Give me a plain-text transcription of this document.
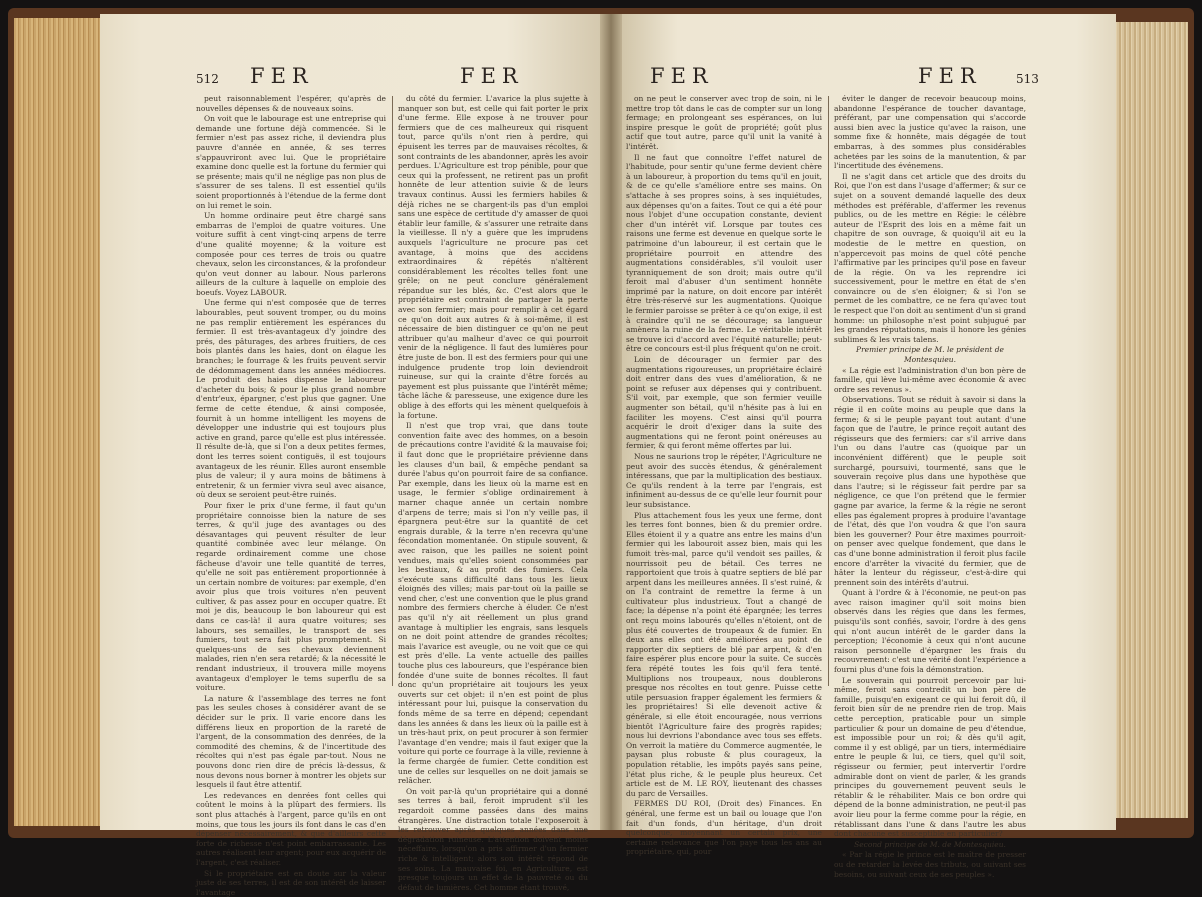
512 FER	FER

peut raisonnablement l'espérer, qu'après de nouvelles dépenses & de nouveaux soins.

On voit que le labourage est une entreprise qui demande une fortune déjà commencée. Si le fermier n'est pas assez riche, il deviendra plus pauvre d'année en année, & ses terres s'appauvriront avec lui. Que le propriétaire examine donc quelle est la fortune du fermier qui se présente; mais qu'il ne néglige pas non plus de s'assurer de ses talens. Il est essentiel qu'ils soient proportionnés à l'étendue de la ferme dont on lui remet le soin.

Un homme ordinaire peut être chargé sans embarras de l'emploi de quatre voitures. Une voiture suffit à cent vingt-cinq arpens de terre d'une qualité moyenne; & la voiture est composée pour ces terres de trois ou quatre chevaux, selon les circonstances, & la profondeur qu'on veut donner au labour. Nous parlerons ailleurs de la culture à laquelle on emploie des boeufs. Voyez LABOUR.

Une ferme qui n'est composée que de terres labourables, peut souvent tromper, ou du moins ne pas remplir entièrement les espérances du fermier. Il est très-avantageux d'y joindre des prés, des pâturages, des arbres fruitiers, de ces bois plantés dans les haies, dont on élague les branches; le fourrage & les fruits peuvent servir de dédommagement dans les années médiocres. Le produit des haies dispense le laboureur d'acheter du bois; & pour le plus grand nombre d'entr'eux, épargner, c'est plus que gagner. Une ferme de cette étendue, & ainsi composée, fournit à un homme intelligent les moyens de développer une industrie qui est toujours plus active en grand, parce qu'elle est plus intéressée. Il résulte de-là, que si l'on a deux petites fermes, dont les terres soient contiguës, il est toujours avantageux de les réunir. Elles auront ensemble plus de valeur; il y aura moins de bâtimens à entretenir, & un fermier vivra seul avec aisance, où deux se seroient peut-être ruinés.

Pour fixer le prix d'une ferme, il faut qu'un propriétaire connoisse bien la nature de ses terres, & qu'il juge des avantages ou des désavantages qui peuvent résulter de leur quantité combinée avec leur mélange. On regarde ordinairement comme une chose fâcheuse d'avoir une telle quantité de terres, qu'elle ne soit pas entièrement proportionnée à un certain nombre de voitures: par exemple, d'en avoir plus que trois voitures n'en peuvent cultiver, & pas assez pour en occuper quatre. Et moi je dis, beaucoup le bon laboureur qui est dans ce cas-là! il aura quatre voitures; ses labours, ses semailles, le transport de ses fumiers, tout sera fait plus promptement. Si quelques-uns de ses chevaux deviennent malades, rien n'en sera retardé; & la nécessité le rendant industrieux, il trouvera mille moyens avantageux d'employer le tems superflu de sa voiture.

La nature & l'assemblage des terres ne font pas les seules choses à considérer avant de se décider sur le prix. Il varie encore dans les différens lieux en proportion de la rareté de l'argent, de la consommation des denrées, de la commodité des chemins, & de l'incertitude des récoltes qui n'est pas égale par-tout. Nous ne pouvons donc rien dire de précis là-dessus, & nous devons nous borner à montrer les objets sur lesquels il faut être attentif.

Les redevances en denrées font celles qui coûtent le moins à la plûpart des fermiers. Ils sont plus attachés à l'argent, parce qu'ils en ont moins, que tous les jours ils font dans le cas d'en dépenser nécessairement, & que d'ailleurs cette forte de richesse n'est point embarrassante. Les autres réalisent leur argent; pour eux acquérir de l'argent, c'est réaliser.

Si le propriétaire est en doute sur la valeur juste de ses terres, il est de son intérêt de laisser l'avantage

du côté du fermier. L'avarice la plus sujette à manquer son but, est celle qui fait porter le prix d'une ferme. Elle expose à ne trouver pour fermiers que de ces malheureux qui risquent tout, parce qu'ils n'ont rien à perdre, qui épuisent les terres par de mauvaises récoltes, & sont contraints de les abandonner, après les avoir perdues. L'Agriculture est trop pénible, pour que ceux qui la professent, ne retirent pas un profit honnête de leur attention suivie & de leurs travaux continus. Aussi les fermiers habiles & déjà riches ne se chargent-ils pas d'un emploi sans une espèce de certitude d'y amasser de quoi établir leur famille, & s'assurer une retraite dans la vieillesse. Il n'y a guère que les imprudens auxquels l'agriculture ne procure pas cet avantage, à moins que des accidens extraordinaires & répétés n'altèrent considérablement les récoltes telles font une grêle; on ne peut conclure généralement répandue sur les blés, &c. C'est alors que le propriétaire est contraint de partager la perte avec son fermier; mais pour remplir à cet égard ce qu'on doit aux autres & à soi-même, il est nécessaire de bien distinguer ce qu'on ne peut attribuer qu'au malheur d'avec ce qui pourroit venir de la négligence. Il faut des lumières pour être juste de bon. Il est des fermiers pour qui une indulgence prudente trop loin deviendroit ruineuse, sur qui la crainte d'être forcés au payement est plus puissante que l'intérêt même; tâche lâche & paresseuse, une exigence dure les oblige à des efforts qui les mènent quelquefois à la fortune.

Il n'est que trop vrai, que dans toute convention faite avec des hommes, on a besoin de précautions contre l'avidité & la mauvaise foi; il faut donc que le propriétaire prévienne dans les clauses d'un bail, & empêche pendant sa durée l'abus qu'on pourroit faire de sa confiance. Par exemple, dans les lieux où la marne est en usage, le fermier s'oblige ordinairement à marner chaque année un certain nombre d'arpens de terre; mais si l'on n'y veille pas, il épargnera peut-être sur la quantité de cet engrais durable, & la terre n'en recevra qu'une fécondation momentanée. On stipule souvent, & avec raison, que les pailles ne soient point vendues, mais qu'elles soient consommées par les bestiaux, & au profit des fumiers. Cela s'exécute sans difficulté dans tous les lieux éloignés des villes; mais par-tout où la paille se vend cher, c'est une convention que le plus grand nombre des fermiers cherche à éluder. Ce n'est pas qu'il n'y ait réellement un plus grand avantage à multiplier les engrais, sans lesquels on ne doit point attendre de grandes récoltes; mais l'avarice est aveugle, ou ne voit que ce qui est près d'elle. La vente actuelle des pailles touche plus ces laboureurs, que l'espérance bien fondée d'une suite de bonnes récoltes. Il faut donc qu'un propriétaire ait toujours les yeux ouverts sur cet objet: il n'en est point de plus intéressant pour lui, puisque la conservation du fonds même de sa terre en dépend; cependant dans les années & dans les lieux où la paille est à un très-haut prix, on peut procurer à son fermier l'avantage d'en vendre; mais il faut exiger que la voiture qui porte ce fourrage à la ville, revienne à la ferme chargée de fumier. Cette condition est une de celles sur lesquelles on ne doit jamais se relâcher.

On voit par-là qu'un propriétaire qui a donné ses terres à bail, feroit imprudent s'il les regardoit comme passées dans des mains étrangères. Une distraction totale l'exposeroit à les retrouver après quelques années dans une dégradation ruineuse. L'attention doivent moins néceffaire, lorsqu'on a pris affirmer d'un fermier riche & intelligent; alors son intérêt répond de ses soins. La mauvaise foi, en Agriculture, est presque toujours un effet de la pauvreté ou du défaut de lumières. Cet homme étant trouvé,

FER	FER	513

on ne peut le conserver avec trop de soin, ni le mettre trop tôt dans le cas de compter sur un long fermage; en prolongeant ses espérances, on lui inspire presque le goût de propriété; goût plus actif que tout autre, parce qu'il unit la vanité à l'intérêt.

Il ne faut que connoître l'effet naturel de l'habitude, pour sentir qu'une ferme devient chère à un laboureur, à proportion du tems qu'il en jouit, & de ce qu'elle s'améliore entre ses mains. On s'attache à ses propres soins, à ses inquiétudes, aux dépenses qu'on a faites. Tout ce qui a été pour nous l'objet d'une occupation constante, devient cher d'un intérêt vif. Lorsque par toutes ces raisons une ferme est devenue en quelque sorte le patrimoine d'un laboureur, il est certain que le propriétaire pourroit en attendre des augmentations considérables, s'il vouloit user tyranniquement de son droit; mais outre qu'il feroit mal d'abuser d'un sentiment honnête imprimé par la nature, on doit encore par intérêt être très-réservé sur les augmentations. Quoique le fermier paroisse se prêter à ce qu'on exige, il est à craindre qu'il ne se décourage; sa langueur amènera la ruine de la ferme. Le véritable intérêt se trouve ici d'accord avec l'équité naturelle; peut-être ce concours est-il plus fréquent qu'on ne croit.

Loin de décourager un fermier par des augmentations rigoureuses, un propriétaire éclairé doit entrer dans des vues d'amélioration, & ne point se refuser aux dépenses qui y contribuent. S'il voit, par exemple, que son fermier veuille augmenter son bétail, qu'il n'hésite pas à lui en faciliter les moyens. C'est ainsi qu'il pourra acquérir le droit d'exiger dans la suite des augmentations qui ne feront point onéreuses au fermier, & qui feront même offertes par lui.

Nous ne saurions trop le répéter, l'Agriculture ne peut avoir des succès étendus, & généralement intéressans, que par la multiplication des bestiaux. Ce qu'ils rendent à la terre par l'engrais, est infiniment au-dessus de ce qu'elle leur fournit pour leur subsistance.

Plus attachement fous les yeux une ferme, dont les terres font bonnes, bien & du premier ordre. Elles étoient il y a quatre ans entre les mains d'un fermier qui les labouroit assez bien, mais qui les fumoit très-mal, parce qu'il vendoit ses pailles, & nourrissoit peu de bétail. Ces terres ne rapportoient que trois à quatre septiers de blé par arpent dans les meilleures années. Il s'est ruiné, & on l'a contraint de remettre la ferme à un cultivateur plus industrieux. Tout a changé de face; la dépense n'a point été épargnée; les terres ont reçu moins labourés qu'elles n'étoient, ont de plus été couvertes de troupeaux & de fumier. En deux ans elles ont été améliorées au point de rapporter dix septiers de blé par arpent, & d'en faire espérer plus encore pour la suite. Ce succès fera répété toutes les fois qu'il fera tenté. Multiplions nos troupeaux, nous doublerons presque nos récoltes en tout genre. Puisse cette utile persuasion frapper également les fermiers & les propriétaires! Si elle devenoit active & générale, si elle étoit encouragée, nous verrions bientôt l'Agriculture faire des progrès rapides; nous lui devrions l'abondance avec tous ses effets. On verroit la matière du Commerce augmentée, le paysan plus robuste & plus courageux, la population rétablie, les impôts payés sans peine, l'état plus riche, & le peuple plus heureux. Cet article est de M. LE ROY, lieutenant des chasses du parc de Versailles.

FERMES DU ROI, (Droit des) Finances. En général, une ferme est un bail ou louage que l'on fait d'un fonds, d'un héritage, d'un droit quelconque, moyennant un certain prix, une certaine redevance que l'on paye tous les ans au propriétaire, qui, pour

éviter le danger de recevoir beaucoup moins, abandonne l'espérance de toucher davantage, préférant, par une compensation qui s'accorde aussi bien avec la justice qu'avec la raison, une somme fixe & honnête, mais dégagée de tout embarras, à des sommes plus considérables achetées par les soins de la manutention, & par l'incertitude des événemens.

Il ne s'agit dans cet article que des droits du Roi, que l'on est dans l'usage d'affermer; & sur ce sujet on a souvent demandé laquelle des deux méthodes est préférable, d'affermer les revenus publics, ou de les mettre en Régie: le célèbre auteur de l'Esprit des lois en a même fait un chapitre de son ouvrage, & quoiqu'il ait eu la modestie de le mettre en question, on n'appercevoit pas moins de quel côté penche l'affirmative par les principes qu'il pose en faveur de la régie. On va les reprendre ici successivement, pour le mettre en état de s'en convaincre ou de s'en éloigner; & si l'on se permet de les combattre, ce ne fera qu'avec tout le respect que l'on doit au sentiment d'un si grand homme: un philosophe n'est point subjugué par les grandes réputations, mais il honore les génies sublimes & les vrais talens.

Premier principe de M. le président de Montesquieu.

« La régie est l'administration d'un bon père de famille, qui lève lui-même avec économie & avec ordre ses revenus ».

Observations. Tout se réduit à savoir si dans la régie il en coûte moins au peuple que dans la ferme; & si le peuple payant tout autant d'une façon que de l'autre, le prince reçoit autant des régisseurs que des fermiers: car s'il arrive dans l'un ou dans l'autre cas (quoique par un inconvénient différent) que le peuple soit surchargé, poursuivi, tourmenté, sans que le souverain reçoive plus dans une hypothèse que dans l'autre; si le régisseur fait perdre par sa négligence, ce que l'on prétend que le fermier gagne par avarice, la ferme & la régie ne seront elles pas également propres à produire l'avantage de l'état, dès que l'on voudra & que l'on saura bien les gouverner? Pour être maximes pourroit-on penser avec quelque fondement, que dans le cas d'une bonne administration il feroit plus facile encore d'arrêter la vivacité du fermier, que de hâter la lenteur du régisseur, c'est-à-dire qui prennent soin des intérêts d'autrui.

Quant à l'ordre & à l'économie, ne peut-on pas avec raison imaginer qu'il soit moins bien observés dans les régies que dans les fermes, puisqu'ils sont confiés, savoir, l'ordre à des gens qui n'ont aucun intérêt de le garder dans la perception; l'économie à ceux qui n'ont aucune raison personnelle d'épargner les frais du recouvrement: c'est une vérité dont l'expérience a fourni plus d'une fois la démonstration.

Le souverain qui pourroit percevoir par lui-même, feroit sans contredit un bon père de famille, puisqu'en exigeant ce qui lui feroit dû, il feroit bien sûr de ne prendre rien de trop. Mais cette perception, praticable pour un simple particulier & pour un domaine de peu d'étendue, est impossible pour un roi; & dès qu'il agit, comme il y est obligé, par un tiers, intermédiaire entre le peuple & lui, ce tiers, quel qu'il soit, régisseur ou fermier, peut intervertir l'ordre admirable dont on vient de parler, & les grands principes du gouvernement peuvent seuls le rétablir & le réhabiliter. Mais ce bon ordre qui dépend de la bonne administration, ne peut-il pas avoir lieu pour la ferme comme pour la régie, en rétablissant dans l'une & dans l'autre les abus dont chacune est susceptible en particulier?

Second principe de M. de Montesquieu.

« Par la régie le prince est le maître de presser ou de retarder la levée des tributs, ou suivant ses besoins, ou suivant ceux de ses peuples ».
